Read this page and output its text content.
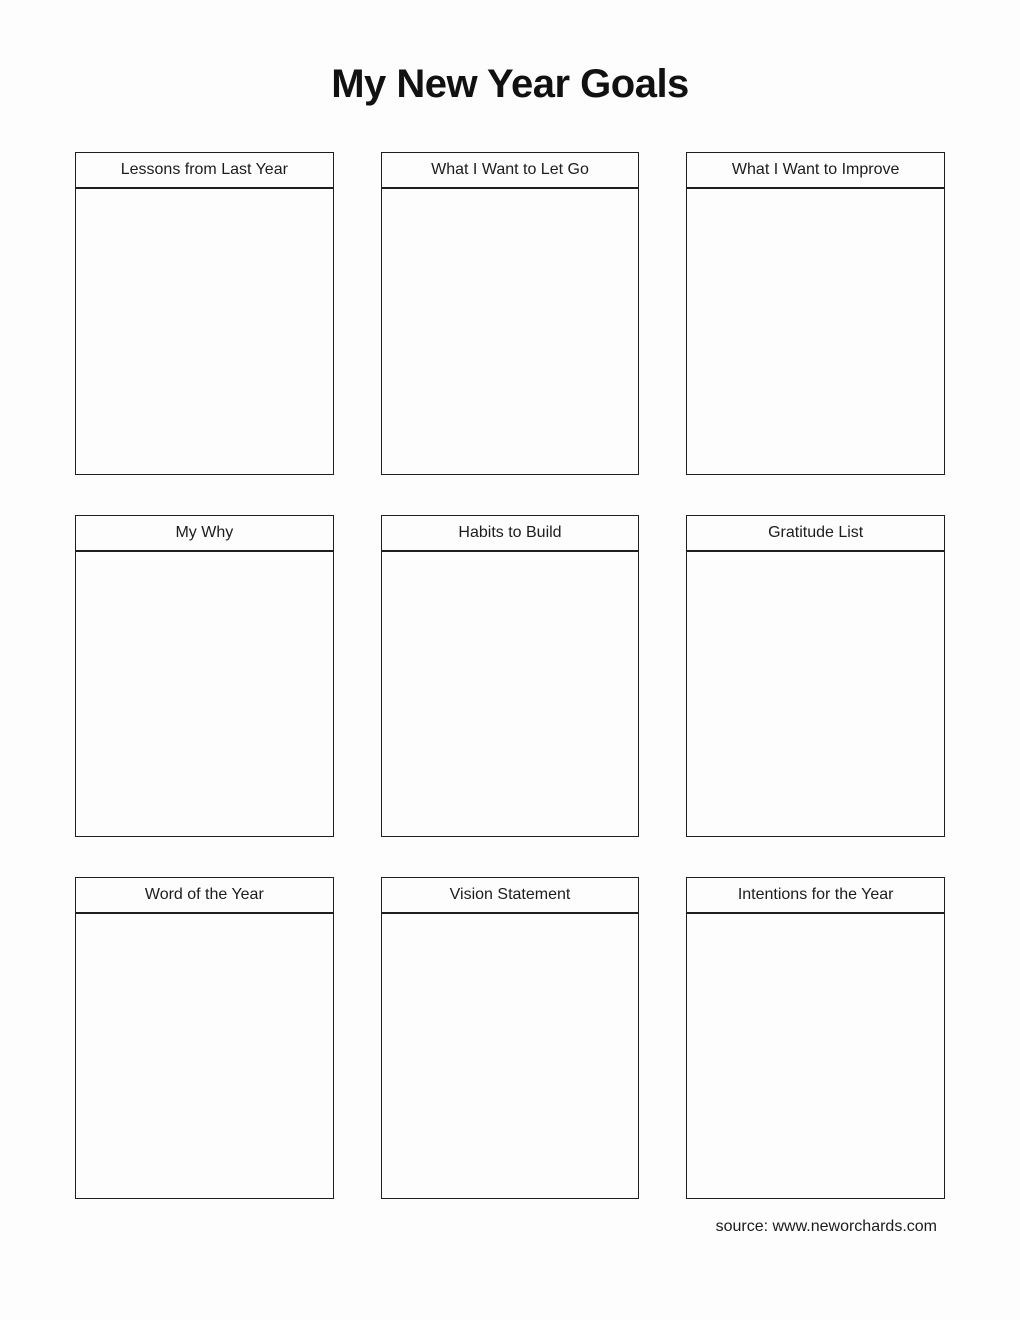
My New Year Goals
Lessons from Last Year	What I Want to Let Go	What I Want to Improve
My Why	Habits to Build	Gratitude List
Word of the Year	Vision Statement	Intentions for the Year
source: www.neworchards.com
